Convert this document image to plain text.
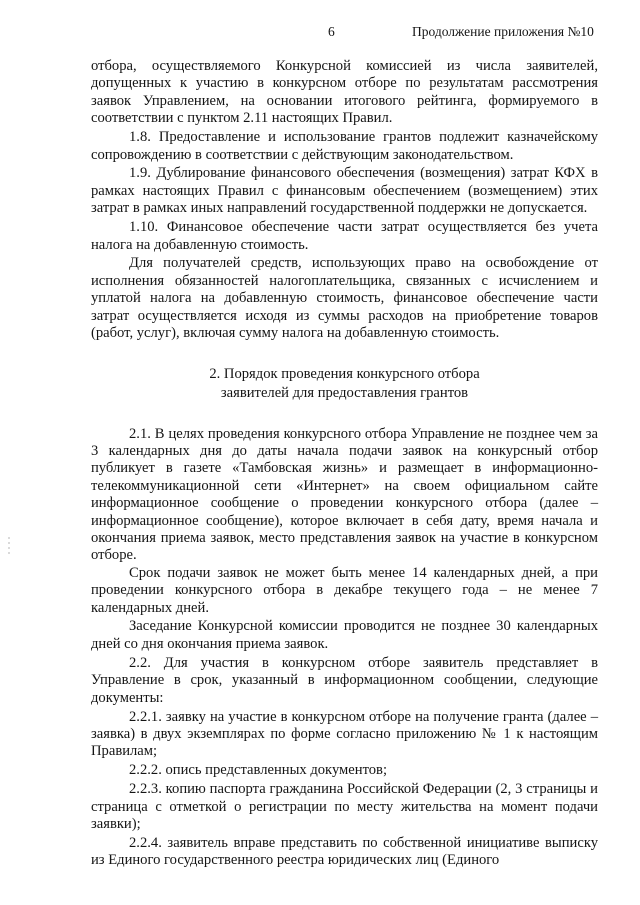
6	Продолжение приложения №10

отбора, осуществляемого Конкурсной комиссией из числа заявителей, допущенных к участию в конкурсном отборе по результатам рассмотрения заявок Управлением, на основании итогового рейтинга, формируемого в соответствии с пунктом 2.11 настоящих Правил.

1.8. Предоставление и использование грантов подлежит казначейскому сопровождению в соответствии с действующим законодательством.

1.9. Дублирование финансового обеспечения (возмещения) затрат КФХ в рамках настоящих Правил с финансовым обеспечением (возмещением) этих затрат в рамках иных направлений государственной поддержки не допускается.

1.10. Финансовое обеспечение части затрат осуществляется без учета налога на добавленную стоимость.

Для получателей средств, использующих право на освобождение от исполнения обязанностей налогоплательщика, связанных с исчислением и уплатой налога на добавленную стоимость, финансовое обеспечение части затрат осуществляется исходя из суммы расходов на приобретение товаров (работ, услуг), включая сумму налога на добавленную стоимость.

2. Порядок проведения конкурсного отбора
заявителей для предоставления грантов

2.1. В целях проведения конкурсного отбора Управление не позднее чем за 3 календарных дня до даты начала подачи заявок на конкурсный отбор публикует в газете «Тамбовская жизнь» и размещает в информационно-телекоммуникационной сети «Интернет» на своем официальном сайте информационное сообщение о проведении конкурсного отбора (далее – информационное сообщение), которое включает в себя дату, время начала и окончания приема заявок, место представления заявок на участие в конкурсном отборе.

Срок подачи заявок не может быть менее 14 календарных дней, а при проведении конкурсного отбора в декабре текущего года – не менее 7 календарных дней.

Заседание Конкурсной комиссии проводится не позднее 30 календарных дней со дня окончания приема заявок.

2.2. Для участия в конкурсном отборе заявитель представляет в Управление в срок, указанный в информационном сообщении, следующие документы:

2.2.1. заявку на участие в конкурсном отборе на получение гранта (далее – заявка) в двух экземплярах по форме согласно приложению № 1 к настоящим Правилам;

2.2.2. опись представленных документов;

2.2.3. копию паспорта гражданина Российской Федерации (2, 3 страницы и страница с отметкой о регистрации по месту жительства на момент подачи заявки);

2.2.4. заявитель вправе представить по собственной инициативе выписку из Единого государственного реестра юридических лиц (Единого
